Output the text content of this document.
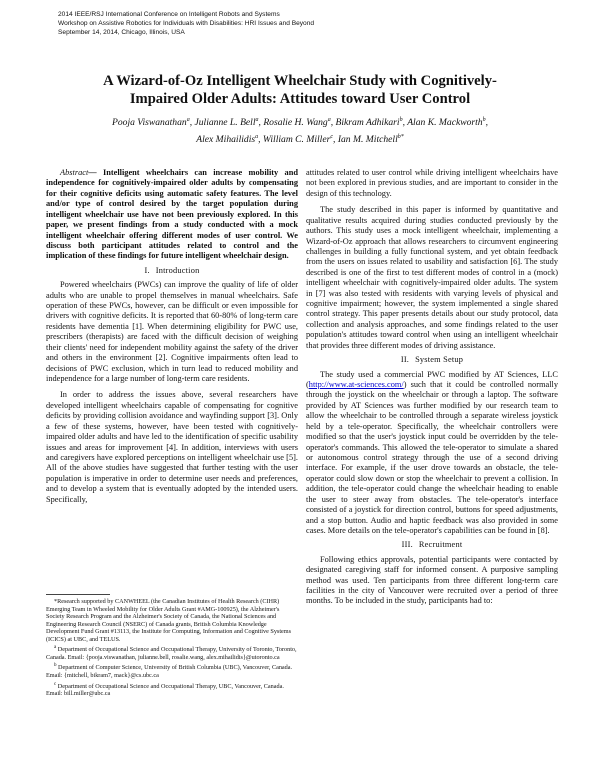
2014 IEEE/RSJ International Conference on Intelligent Robots and Systems
Workshop on Assistive Robotics for Individuals with Disabilities: HRI Issues and Beyond
September 14, 2014, Chicago, Illinois, USA
A Wizard-of-Oz Intelligent Wheelchair Study with Cognitively-
Impaired Older Adults: Attitudes toward User Control
Pooja Viswanathan$^a$, Julianne L. Bell$^a$, Rosalie H. Wang$^a$, Bikram Adhikari$^b$, Alan K. Mackworth$^b$,
Alex Mihailidis$^a$, William C. Miller$^c$, Ian M. Mitchell$^{b*}$

Abstract— Intelligent wheelchairs can increase mobility and independence for cognitively-impaired older adults by compensating for their cognitive deficits using automatic safety features. The level and/or type of control desired by the target population during intelligent wheelchair use have not been previously explored. In this paper, we present findings from a study conducted with a mock intelligent wheelchair offering different modes of user control. We discuss both participant attitudes related to control and the implication of these findings for future intelligent wheelchair design.

I. Introduction

Powered wheelchairs (PWCs) can improve the quality of life of older adults who are unable to propel themselves in manual wheelchairs. Safe operation of these PWCs, however, can be difficult or even impossible for drivers with cognitive deficits. It is reported that 60-80% of long-term care residents have dementia [1]. When determining eligibility for PWC use, prescribers (therapists) are faced with the difficult decision of weighing their clients' need for independent mobility against the safety of the driver and others in the environment [2]. Cognitive impairments often lead to decisions of PWC exclusion, which in turn lead to reduced mobility and independence for a large number of long-term care residents.

In order to address the issues above, several researchers have developed intelligent wheelchairs capable of compensating for cognitive deficits by providing collision avoidance and wayfinding support [3]. Only a few of these systems, however, have been tested with cognitively-impaired older adults and have led to the identification of specific usability issues and areas for improvement [4]. In addition, interviews with users and caregivers have explored perceptions on intelligent wheelchair use [5]. All of the above studies have suggested that further testing with the user population is imperative in order to determine user needs and preferences, and to develop a system that is eventually adopted by the intended users. Specifically,

*Research supported by CANWHEEL (the Canadian Institutes of Health Research (CIHR) Emerging Team in Wheeled Mobility for Older Adults Grant #AMG-100925), the Alzheimer's Society Research Program and the Alzheimer's Society of Canada, the National Sciences and Engineering Research Council (NSERC) of Canada grants, British Columbia Knowledge Development Fund Grant #13113, the Institute for Computing, Information and Cognitive Systems (ICICS) at UBC, and TELUS.
$^a$ Department of Occupational Science and Occupational Therapy, University of Toronto, Toronto, Canada. Email: {pooja.viswanathan, julianne.bell, rosalie.wang, alex.mihailidis}@utoronto.ca
$^b$ Department of Computer Science, University of British Columbia (UBC), Vancouver, Canada. Email: {mitchell, bikram7, mack}@cs.ubc.ca
$^c$ Department of Occupational Science and Occupational Therapy, UBC, Vancouver, Canada. Email: bill.miller@ubc.ca

attitudes related to user control while driving intelligent wheelchairs have not been explored in previous studies, and are important to consider in the design of this technology.

The study described in this paper is informed by quantitative and qualitative results acquired during studies conducted previously by the authors. This study uses a mock intelligent wheelchair, implementing a Wizard-of-Oz approach that allows researchers to circumvent engineering challenges in building a fully functional system, and yet obtain feedback from the users on issues related to usability and satisfaction [6]. The study described is one of the first to test different modes of control in a (mock) intelligent wheelchair with cognitively-impaired older adults. The system in [7] was also tested with residents with varying levels of physical and cognitive impairment; however, the system implemented a single shared control strategy. This paper presents details about our study protocol, data collection and analysis approaches, and some findings related to the user population's attitudes toward control when using an intelligent wheelchair that provides three different modes of driving assistance.

II. System Setup

The study used a commercial PWC modified by AT Sciences, LLC (http://www.at-sciences.com/) such that it could be controlled normally through the joystick on the wheelchair or through a laptop. The software provided by AT Sciences was further modified by our research team to allow the wheelchair to be controlled through a separate wireless joystick held by a tele-operator. Specifically, the wheelchair controllers were modified so that the user's joystick input could be overridden by the tele-operator's commands. This allowed the tele-operator to simulate a shared or autonomous control strategy through the use of a second driving interface. For example, if the user drove towards an obstacle, the tele-operator could slow down or stop the wheelchair to prevent a collision. In addition, the tele-operator could change the wheelchair heading to enable the user to steer away from obstacles. The tele-operator's interface consisted of a joystick for direction control, buttons for speed adjustments, and a stop button. Audio and haptic feedback was also provided in some cases. More details on the tele-operator's capabilities can be found in [8].

III. Recruitment

Following ethics approvals, potential participants were contacted by designated caregiving staff for informed consent. A purposive sampling method was used. Ten participants from three different long-term care facilities in the city of Vancouver were recruited over a period of three months. To be included in the study, participants had to:
